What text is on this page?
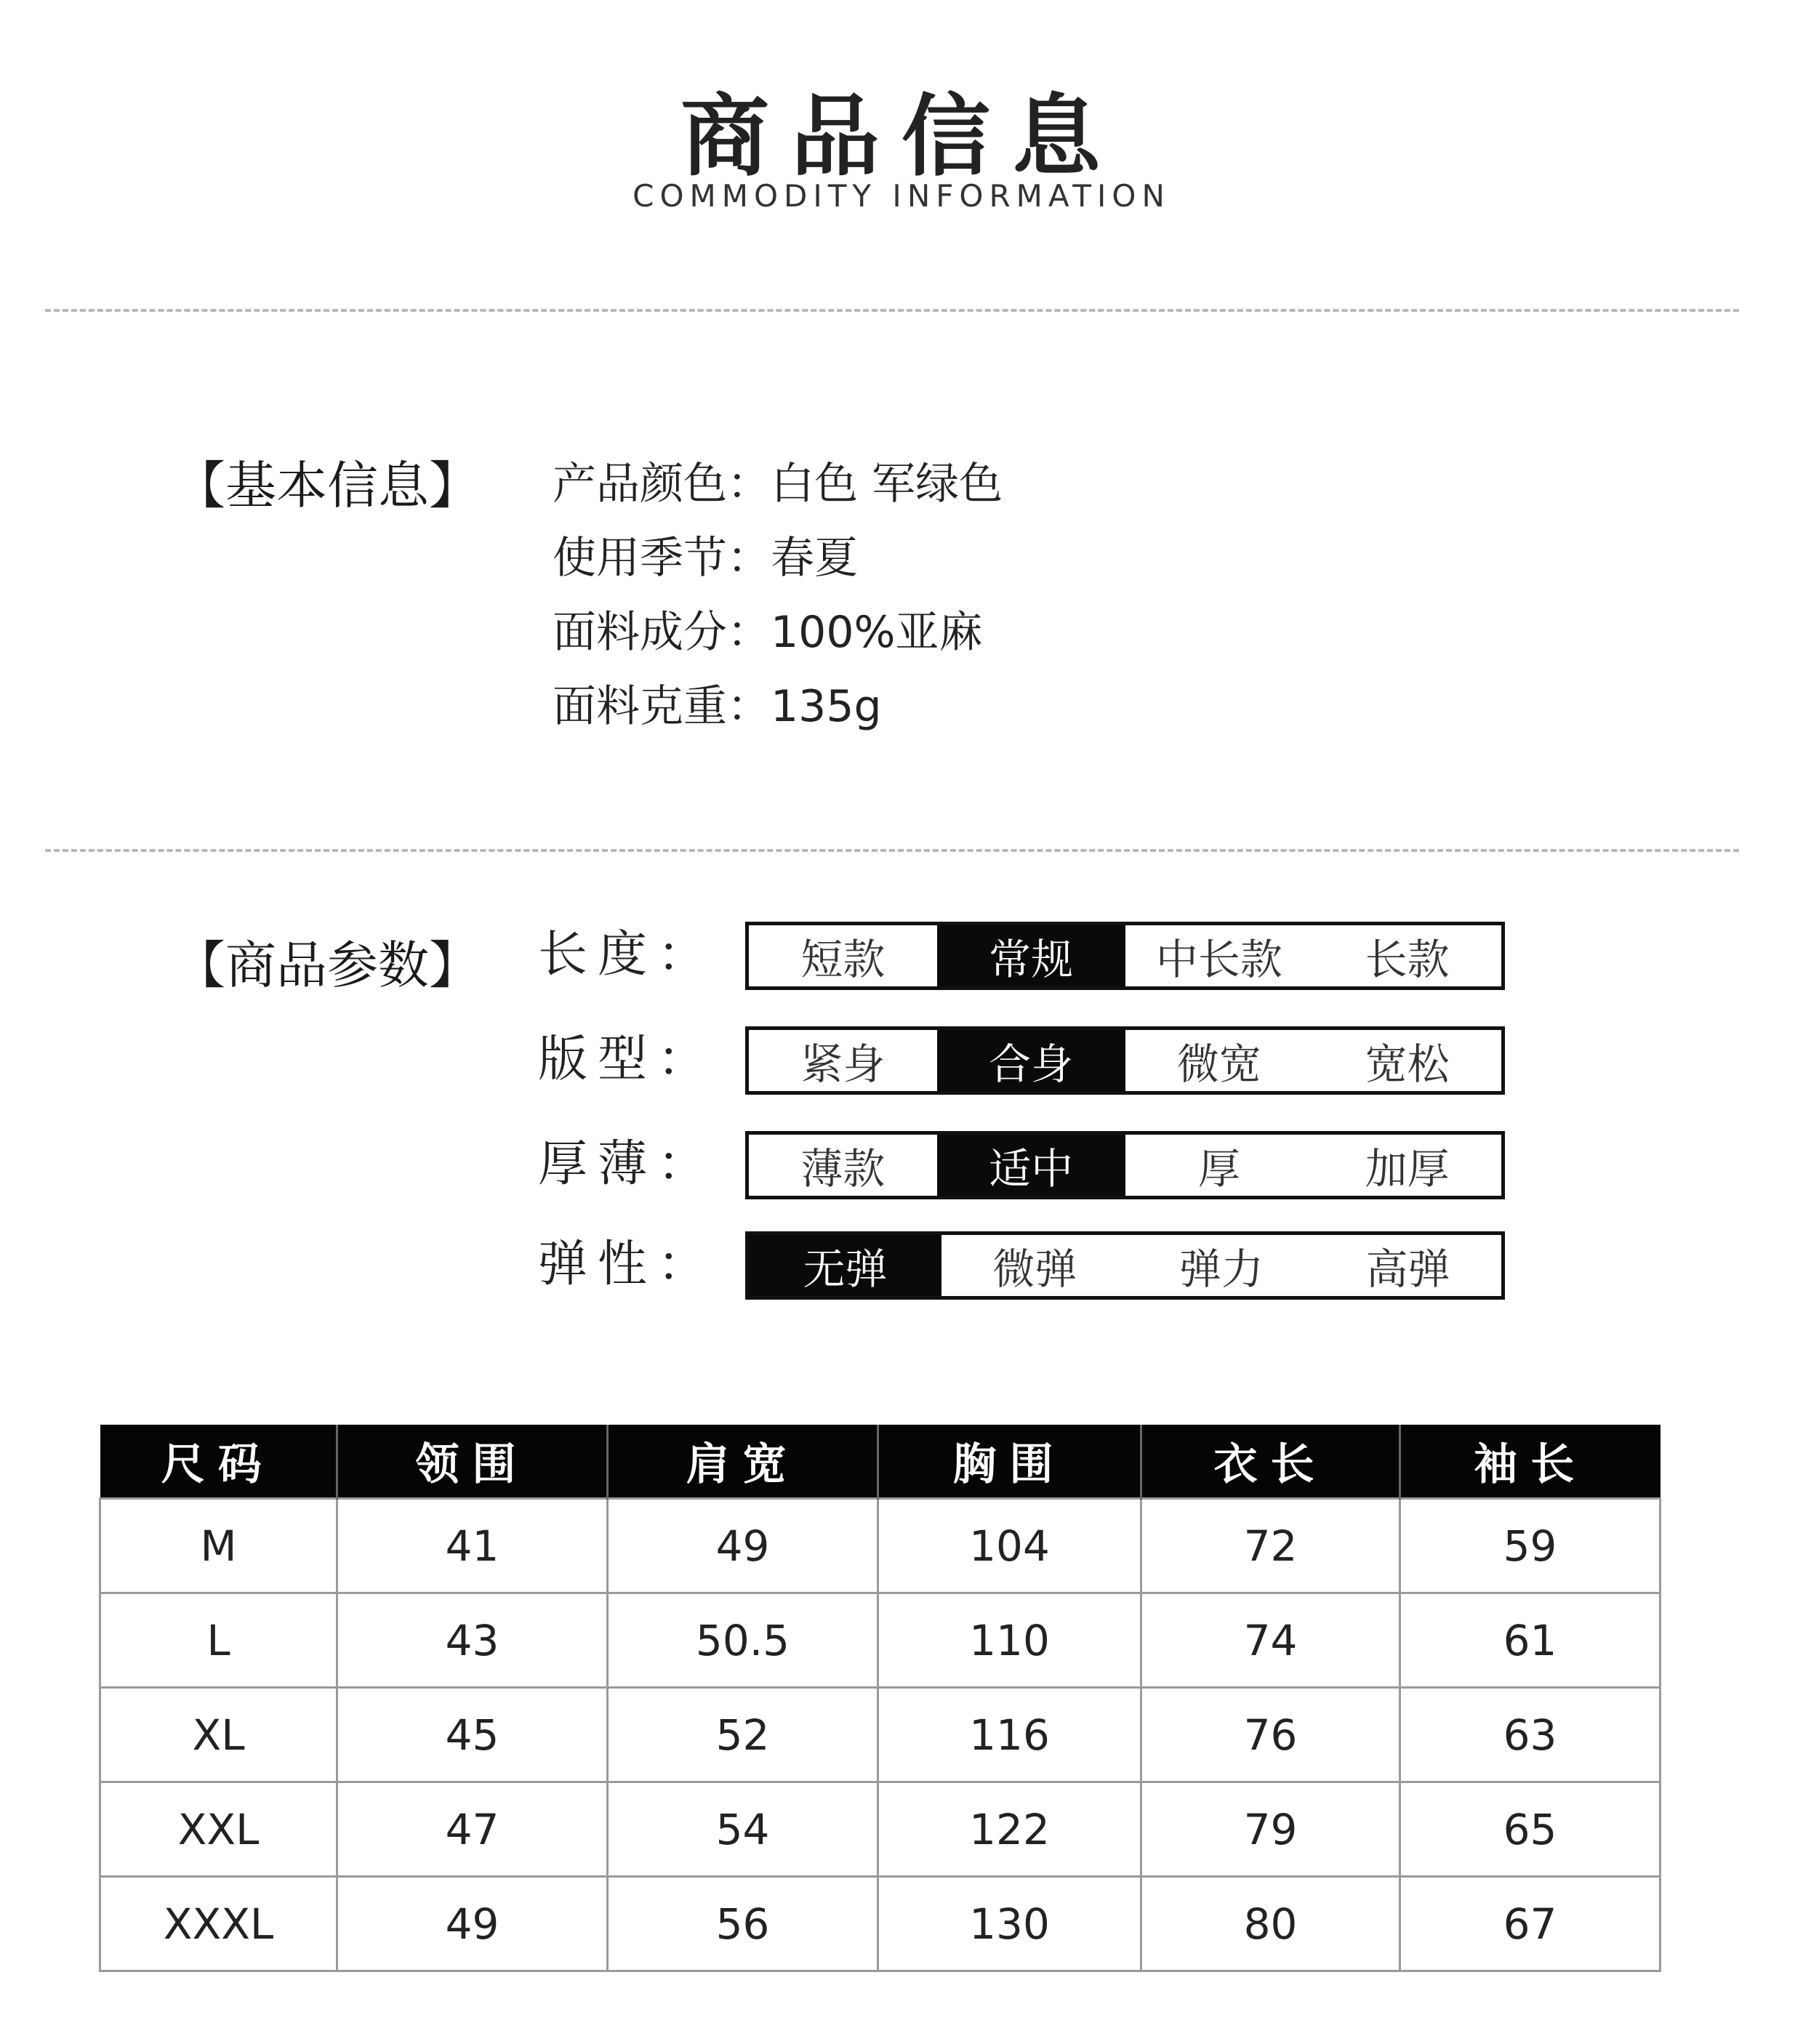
商品信息
COMMODITY INFORMATION
【基本信息】 产品颜色：白色 军绿色
使用季节：春夏
面料成分：100%亚麻
面料克重：135g
【商品参数】 长度：	短款	常规	中长款	长款
版型：	紧身	合身	微宽	宽松
厚薄：	薄款	适中	厚	加厚
弹性：	无弹	微弹	弹力	高弹
尺码	领围	肩宽	胸围	衣长	袖长
M	41	49	104	72	59
L	43	50.5	110	74	61
XL	45	52	116	76	63
XXL	47	54	122	79	65
XXXL	49	56	130	80	67
